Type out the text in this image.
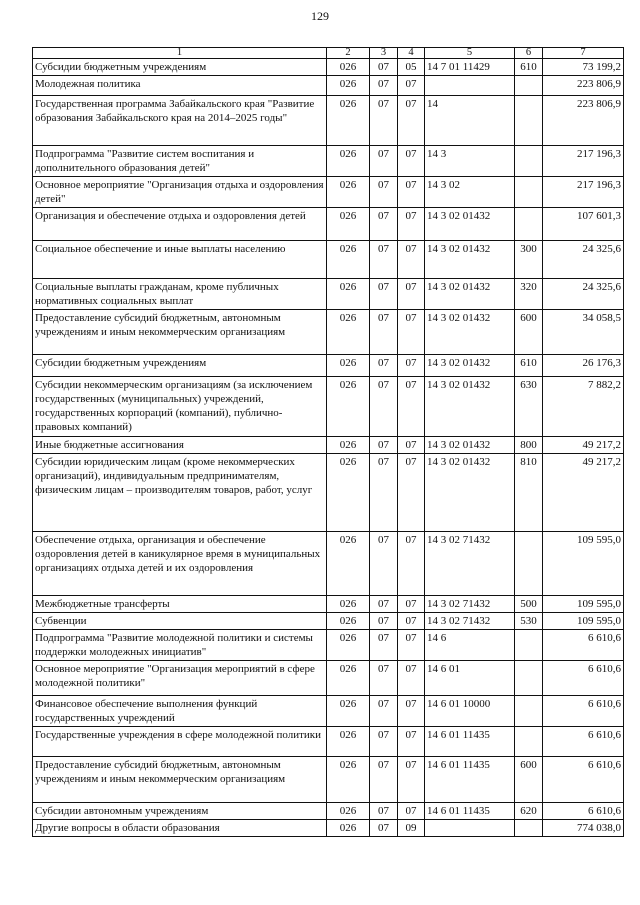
129
1	2	3	4	5	6	7
Субсидии бюджетным учреждениям	026	07	05	14 7 01 11429	610	73 199,2
Молодежная политика	026	07	07			223 806,9
Государственная программа Забайкальского края "Развитие образования Забайкальского края на 2014–2025 годы"	026	07	07	14		223 806,9
Подпрограмма "Развитие систем воспитания и дополнительного образования детей"	026	07	07	14 3		217 196,3
Основное мероприятие "Организация отдыха и оздоровления детей"	026	07	07	14 3 02		217 196,3
Организация и обеспечение отдыха и оздоровления детей	026	07	07	14 3 02 01432		107 601,3
Социальное обеспечение и иные выплаты населению	026	07	07	14 3 02 01432	300	24 325,6
Социальные выплаты гражданам, кроме публичных нормативных социальных выплат	026	07	07	14 3 02 01432	320	24 325,6
Предоставление субсидий бюджетным, автономным учреждениям и иным некоммерческим организациям	026	07	07	14 3 02 01432	600	34 058,5
Субсидии бюджетным учреждениям	026	07	07	14 3 02 01432	610	26 176,3
Субсидии некоммерческим организациям (за исключением государственных (муниципальных) учреждений, государственных корпораций (компаний), публично-правовых компаний)	026	07	07	14 3 02 01432	630	7 882,2
Иные бюджетные ассигнования	026	07	07	14 3 02 01432	800	49 217,2
Субсидии юридическим лицам (кроме некоммерческих организаций), индивидуальным предпринимателям, физическим лицам – производителям товаров, работ, услуг	026	07	07	14 3 02 01432	810	49 217,2
Обеспечение отдыха, организация и обеспечение оздоровления детей в каникулярное время в муниципальных организациях отдыха детей и их оздоровления	026	07	07	14 3 02 71432		109 595,0
Межбюджетные трансферты	026	07	07	14 3 02 71432	500	109 595,0
Субвенции	026	07	07	14 3 02 71432	530	109 595,0
Подпрограмма "Развитие молодежной политики и системы поддержки молодежных инициатив"	026	07	07	14 6		6 610,6
Основное мероприятие "Организация мероприятий в сфере молодежной политики"	026	07	07	14 6 01		6 610,6
Финансовое обеспечение выполнения функций государственных учреждений	026	07	07	14 6 01 10000		6 610,6
Государственные учреждения в сфере молодежной политики	026	07	07	14 6 01 11435		6 610,6
Предоставление субсидий бюджетным, автономным учреждениям и иным некоммерческим организациям	026	07	07	14 6 01 11435	600	6 610,6
Субсидии автономным учреждениям	026	07	07	14 6 01 11435	620	6 610,6
Другие вопросы в области образования	026	07	09			774 038,0
